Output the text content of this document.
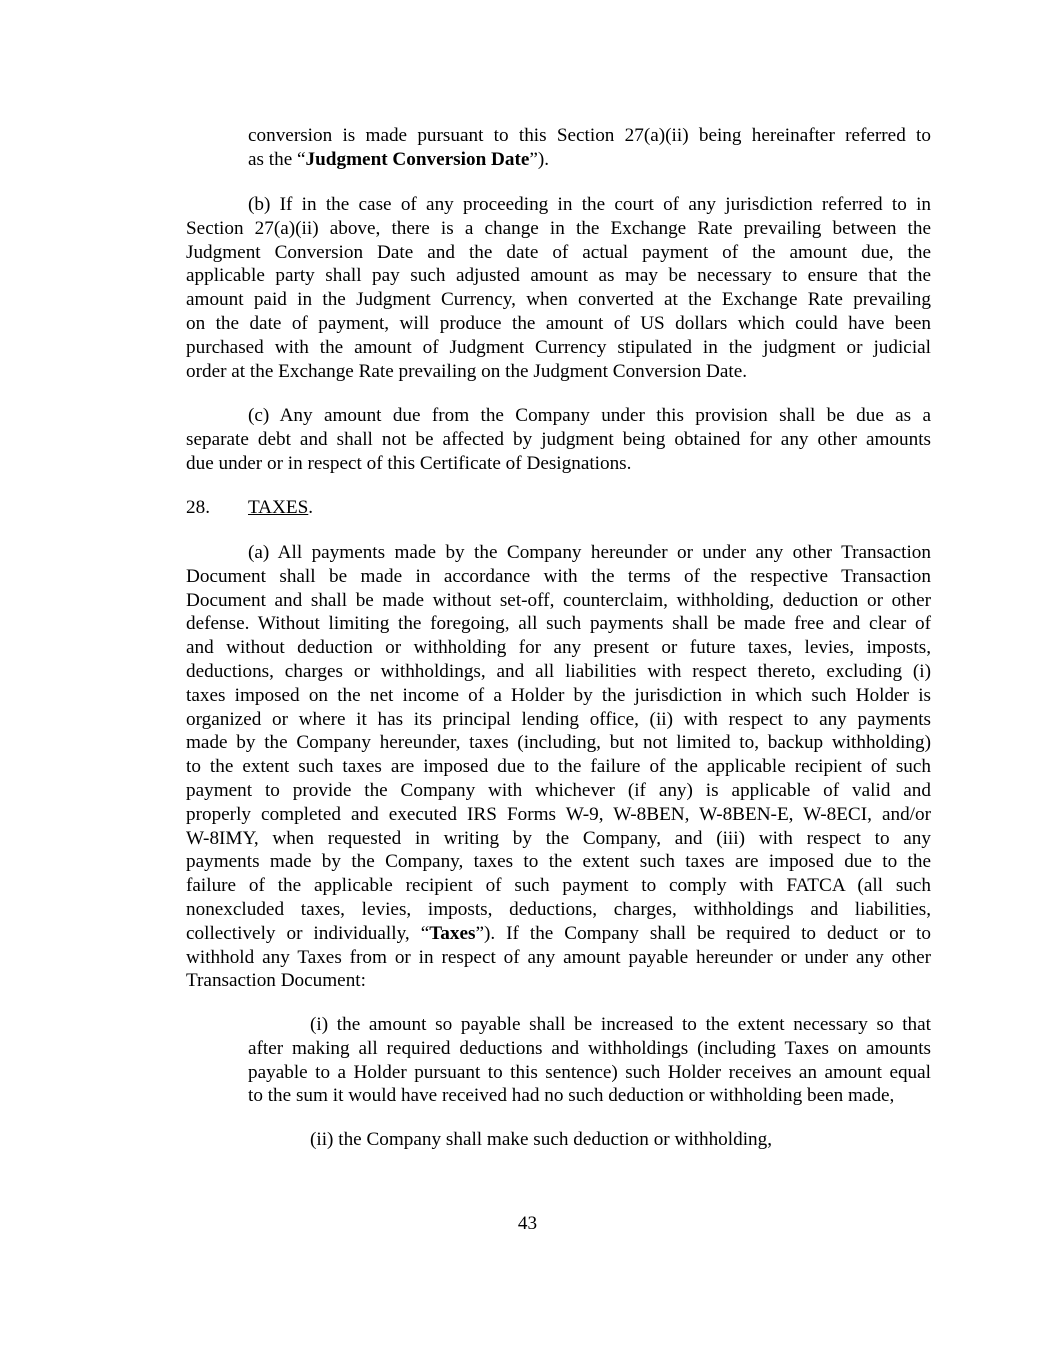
conversion is made pursuant to this Section 27(a)(ii) being hereinafter referred to
as the “Judgment Conversion Date”).
(b) If in the case of any proceeding in the court of any jurisdiction referred to in
Section 27(a)(ii) above, there is a change in the Exchange Rate prevailing between the
Judgment Conversion Date and the date of actual payment of the amount due, the
applicable party shall pay such adjusted amount as may be necessary to ensure that the
amount paid in the Judgment Currency, when converted at the Exchange Rate prevailing
on the date of payment, will produce the amount of US dollars which could have been
purchased with the amount of Judgment Currency stipulated in the judgment or judicial
order at the Exchange Rate prevailing on the Judgment Conversion Date.
(c) Any amount due from the Company under this provision shall be due as a
separate debt and shall not be affected by judgment being obtained for any other amounts
due under or in respect of this Certificate of Designations.
28. TAXES.
(a) All payments made by the Company hereunder or under any other Transaction
Document shall be made in accordance with the terms of the respective Transaction
Document and shall be made without set-off, counterclaim, withholding, deduction or other
defense. Without limiting the foregoing, all such payments shall be made free and clear of
and without deduction or withholding for any present or future taxes, levies, imposts,
deductions, charges or withholdings, and all liabilities with respect thereto, excluding (i)
taxes imposed on the net income of a Holder by the jurisdiction in which such Holder is
organized or where it has its principal lending office, (ii) with respect to any payments
made by the Company hereunder, taxes (including, but not limited to, backup withholding)
to the extent such taxes are imposed due to the failure of the applicable recipient of such
payment to provide the Company with whichever (if any) is applicable of valid and
properly completed and executed IRS Forms W-9, W-8BEN, W-8BEN-E, W-8ECI, and/or
W-8IMY, when requested in writing by the Company, and (iii) with respect to any
payments made by the Company, taxes to the extent such taxes are imposed due to the
failure of the applicable recipient of such payment to comply with FATCA (all such
nonexcluded taxes, levies, imposts, deductions, charges, withholdings and liabilities,
collectively or individually, “Taxes”). If the Company shall be required to deduct or to
withhold any Taxes from or in respect of any amount payable hereunder or under any other
Transaction Document:
(i) the amount so payable shall be increased to the extent necessary so that
after making all required deductions and withholdings (including Taxes on amounts
payable to a Holder pursuant to this sentence) such Holder receives an amount equal
to the sum it would have received had no such deduction or withholding been made,
(ii) the Company shall make such deduction or withholding,
43
